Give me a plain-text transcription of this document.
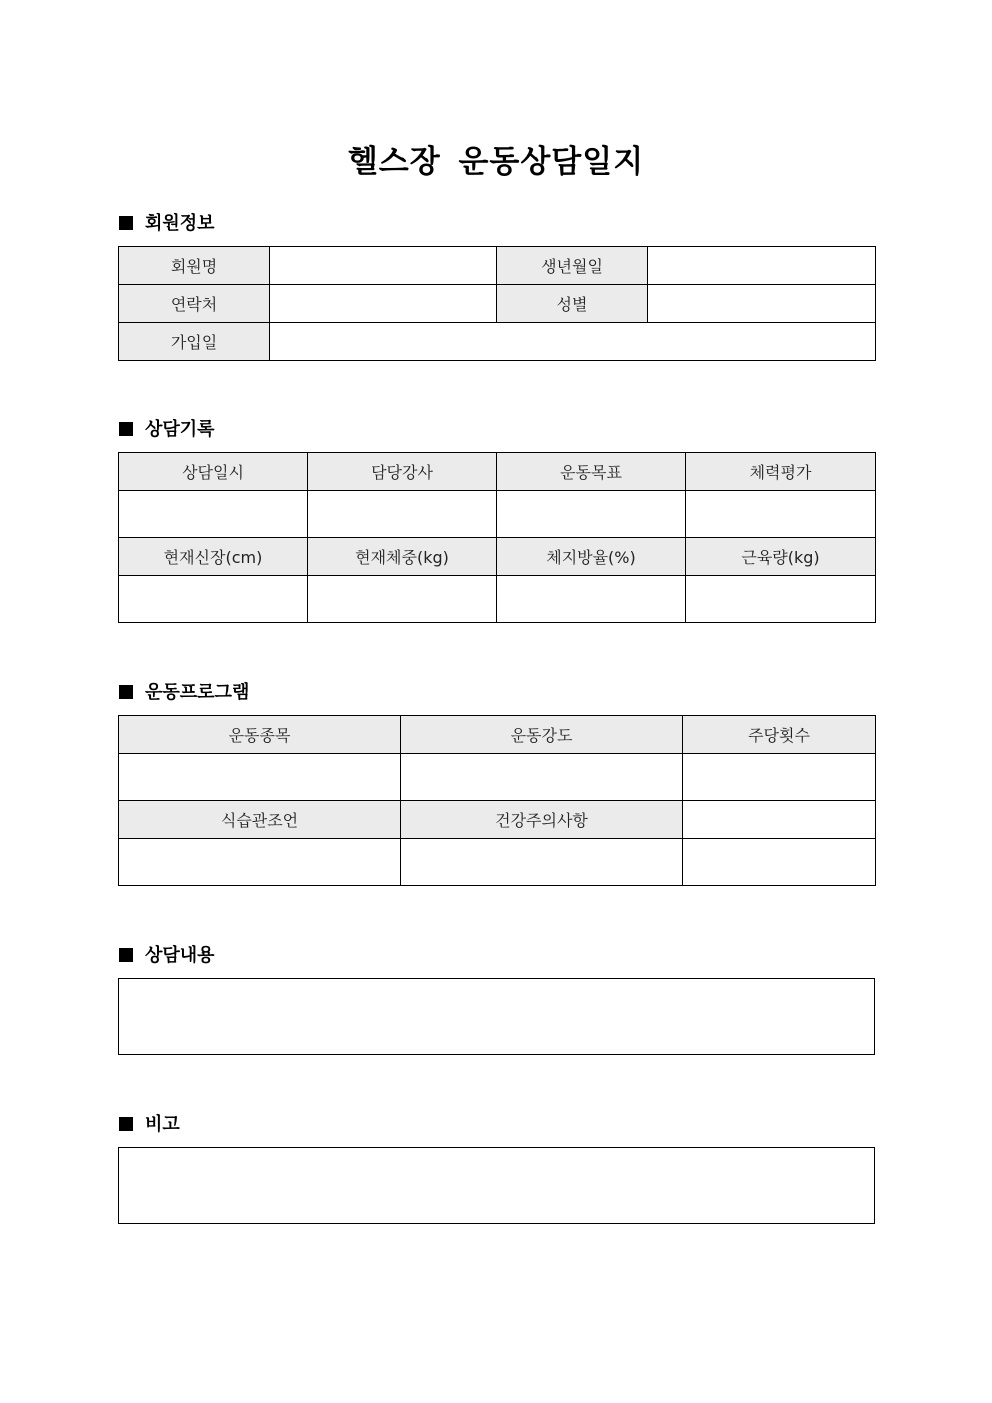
헬스장 운동상담일지
회원정보
회원명		생년월일	
연락처		성별	
가입일			
상담기록
상담일시	담당강사	운동목표	체력평가

현재신장(cm)	현재체중(kg)	체지방율(%)	근육량(kg)

운동프로그램
운동종목	운동강도	주당횟수

식습관조언	건강주의사항	

상담내용
비고
